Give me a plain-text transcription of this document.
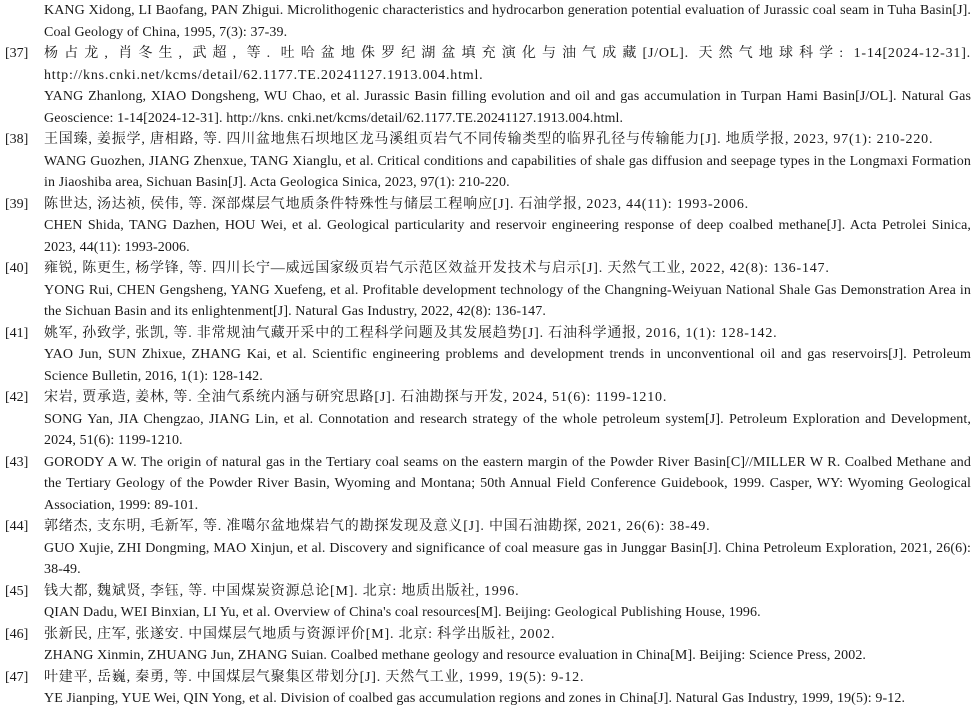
KANG Xidong, LI Baofang, PAN Zhigui. Microlithogenic characteristics and hydrocarbon generation potential evaluation of Jurassic coal seam in Tuha Basin[J]. Coal Geology of China, 1995, 7(3): 37-39.
[37]	杨占龙, 肖冬生, 武超, 等. 吐哈盆地侏罗纪湖盆填充演化与油气成藏[J/OL]. 天然气地球科学: 1-14[2024-12-31]. http://kns.cnki.net/kcms/detail/62.1177.TE.20241127.1913.004.html.
YANG Zhanlong, XIAO Dongsheng, WU Chao, et al. Jurassic Basin filling evolution and oil and gas accumulation in Turpan Hami Basin[J/OL]. Natural Gas Geoscience: 1-14[2024-12-31]. http://kns. cnki.net/kcms/detail/62.1177.TE.20241127.1913.004.html.
[38]	王国臻, 姜振学, 唐相路, 等. 四川盆地焦石坝地区龙马溪组页岩气不同传输类型的临界孔径与传输能力[J]. 地质学报, 2023, 97(1): 210-220.
WANG Guozhen, JIANG Zhenxue, TANG Xianglu, et al. Critical conditions and capabilities of shale gas diffusion and seepage types in the Longmaxi Formation in Jiaoshiba area, Sichuan Basin[J]. Acta Geologica Sinica, 2023, 97(1): 210-220.
[39]	陈世达, 汤达祯, 侯伟, 等. 深部煤层气地质条件特殊性与储层工程响应[J]. 石油学报, 2023, 44(11): 1993-2006.
CHEN Shida, TANG Dazhen, HOU Wei, et al. Geological particularity and reservoir engineering response of deep coalbed methane[J]. Acta Petrolei Sinica, 2023, 44(11): 1993-2006.
[40]	雍锐, 陈更生, 杨学锋, 等. 四川长宁—威远国家级页岩气示范区效益开发技术与启示[J]. 天然气工业, 2022, 42(8): 136-147.
YONG Rui, CHEN Gengsheng, YANG Xuefeng, et al. Profitable development technology of the Changning-Weiyuan National Shale Gas Demonstration Area in the Sichuan Basin and its enlightenment[J]. Natural Gas Industry, 2022, 42(8): 136-147.
[41]	姚军, 孙致学, 张凯, 等. 非常规油气藏开采中的工程科学问题及其发展趋势[J]. 石油科学通报, 2016, 1(1): 128-142.
YAO Jun, SUN Zhixue, ZHANG Kai, et al. Scientific engineering problems and development trends in unconventional oil and gas reservoirs[J]. Petroleum Science Bulletin, 2016, 1(1): 128-142.
[42]	宋岩, 贾承造, 姜林, 等. 全油气系统内涵与研究思路[J]. 石油勘探与开发, 2024, 51(6): 1199-1210.
SONG Yan, JIA Chengzao, JIANG Lin, et al. Connotation and research strategy of the whole petroleum system[J]. Petroleum Exploration and Development, 2024, 51(6): 1199-1210.
[43]	GORODY A W. The origin of natural gas in the Tertiary coal seams on the eastern margin of the Powder River Basin[C]//MILLER W R. Coalbed Methane and the Tertiary Geology of the Powder River Basin, Wyoming and Montana; 50th Annual Field Conference Guidebook, 1999. Casper, WY: Wyoming Geological Association, 1999: 89-101.
[44]	郭绪杰, 支东明, 毛新军, 等. 准噶尔盆地煤岩气的勘探发现及意义[J]. 中国石油勘探, 2021, 26(6): 38-49.
GUO Xujie, ZHI Dongming, MAO Xinjun, et al. Discovery and significance of coal measure gas in Junggar Basin[J]. China Petroleum Exploration, 2021, 26(6): 38-49.
[45]	钱大都, 魏斌贤, 李钰, 等. 中国煤炭资源总论[M]. 北京: 地质出版社, 1996.
QIAN Dadu, WEI Binxian, LI Yu, et al. Overview of China's coal resources[M]. Beijing: Geological Publishing House, 1996.
[46]	张新民, 庄军, 张遂安. 中国煤层气地质与资源评价[M]. 北京: 科学出版社, 2002.
ZHANG Xinmin, ZHUANG Jun, ZHANG Suian. Coalbed methane geology and resource evaluation in China[M]. Beijing: Science Press, 2002.
[47]	叶建平, 岳巍, 秦勇, 等. 中国煤层气聚集区带划分[J]. 天然气工业, 1999, 19(5): 9-12.
YE Jianping, YUE Wei, QIN Yong, et al. Division of coalbed gas accumulation regions and zones in China[J]. Natural Gas Industry, 1999, 19(5): 9-12.
